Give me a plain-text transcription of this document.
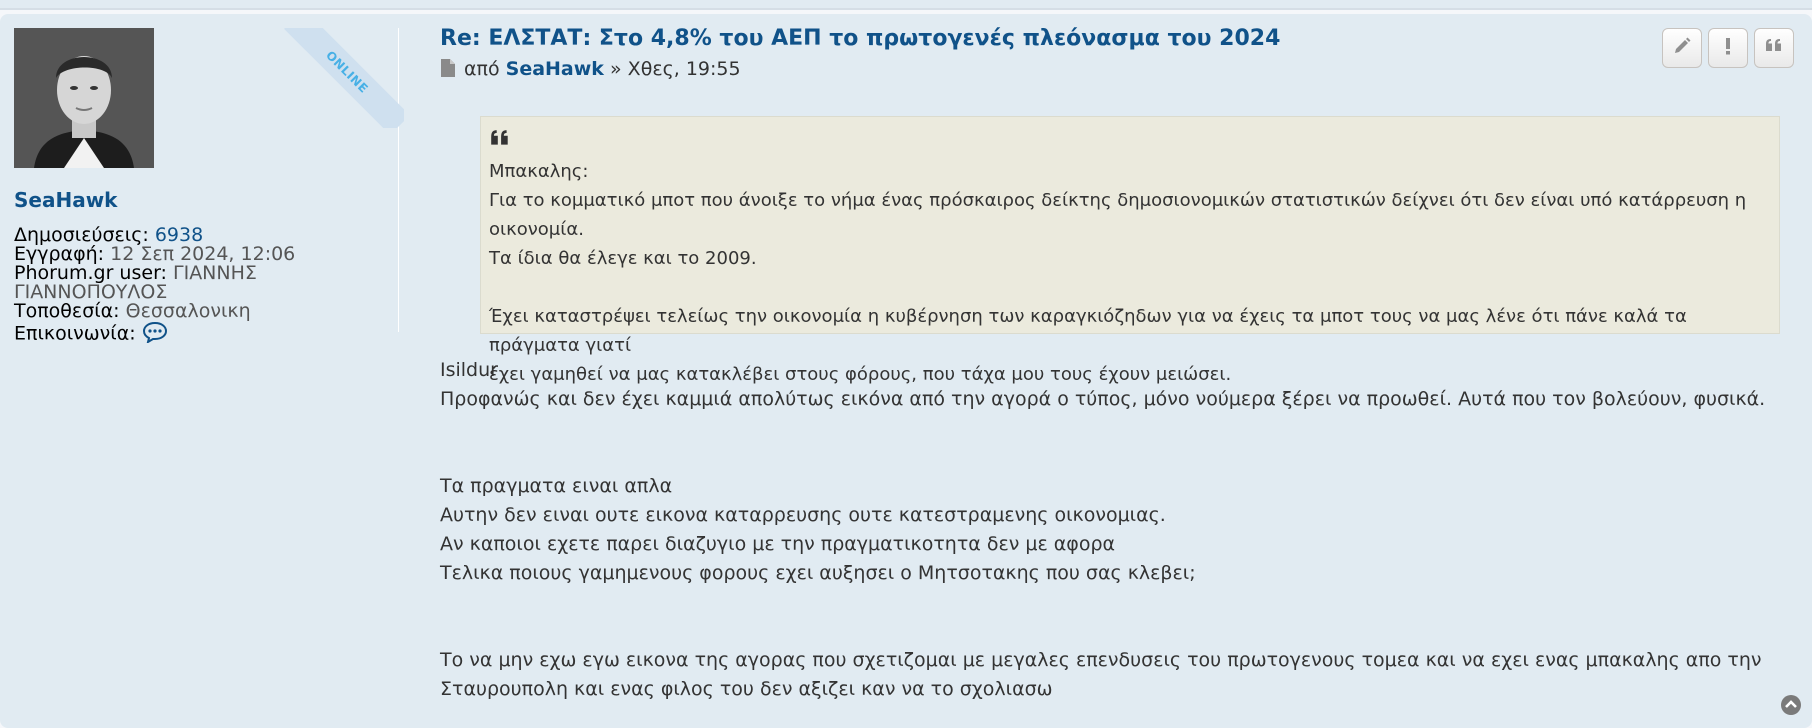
ONLINE
SeaHawk

Δημοσιεύσεις: 6938

Εγγραφή: 12 Σεπ 2024, 12:06

Phorum.gr user: ΓΙΑΝΝΗΣ

ΓΙΑΝΝΟΠΟΥΛΟΣ

Τοποθεσία: Θεσσαλονικη

Επικοινωνία:

Re: ΕΛΣΤΑΤ: Στο 4,8% του ΑΕΠ το πρωτογενές πλεόνασμα του 2024
από SeaHawk » Χθες, 19:55

Μπακαλης:

Για το κομματικό μποτ που άνοιξε το νήμα ένας πρόσκαιρος δείκτης δημοσιονομικών στατιστικών δείχνει ότι δεν είναι υπό κατάρρευση η οικονομία.

Τα ίδια θα έλεγε και το 2009.

Έχει καταστρέψει τελείως την οικονομία η κυβέρνηση των καραγκιόζηδων για να έχεις τα μποτ τους να μας λένε ότι πάνε καλά τα πράγματα γιατί

έχει γαμηθεί να μας κατακλέβει στους φόρους, που τάχα μου τους έχουν μειώσει.

Isildur

Προφανώς και δεν έχει καμμιά απολύτως εικόνα από την αγορά ο τύπος, μόνο νούμερα ξέρει να προωθεί. Αυτά που τον βολεύουν, φυσικά.

Τα πραγματα ειναι απλα

Αυτην δεν ειναι ουτε εικονα καταρρευσης ουτε κατεστραμενης οικονομιας.

Αν καποιοι εχετε παρει διαζυγιο με την πραγματικοτητα δεν με αφορα

Τελικα ποιους γαμημενους φορους εχει αυξησει ο Μητσοτακης που σας κλεβει;

Το να μην εχω εγω εικονα της αγορας που σχετιζομαι με μεγαλες επενδυσεις του πρωτογενους τομεα και να εχει ενας μπακαλης απο την

Σταυρουπολη και ενας φιλος του δεν αξιζει καν να το σχολιασω
